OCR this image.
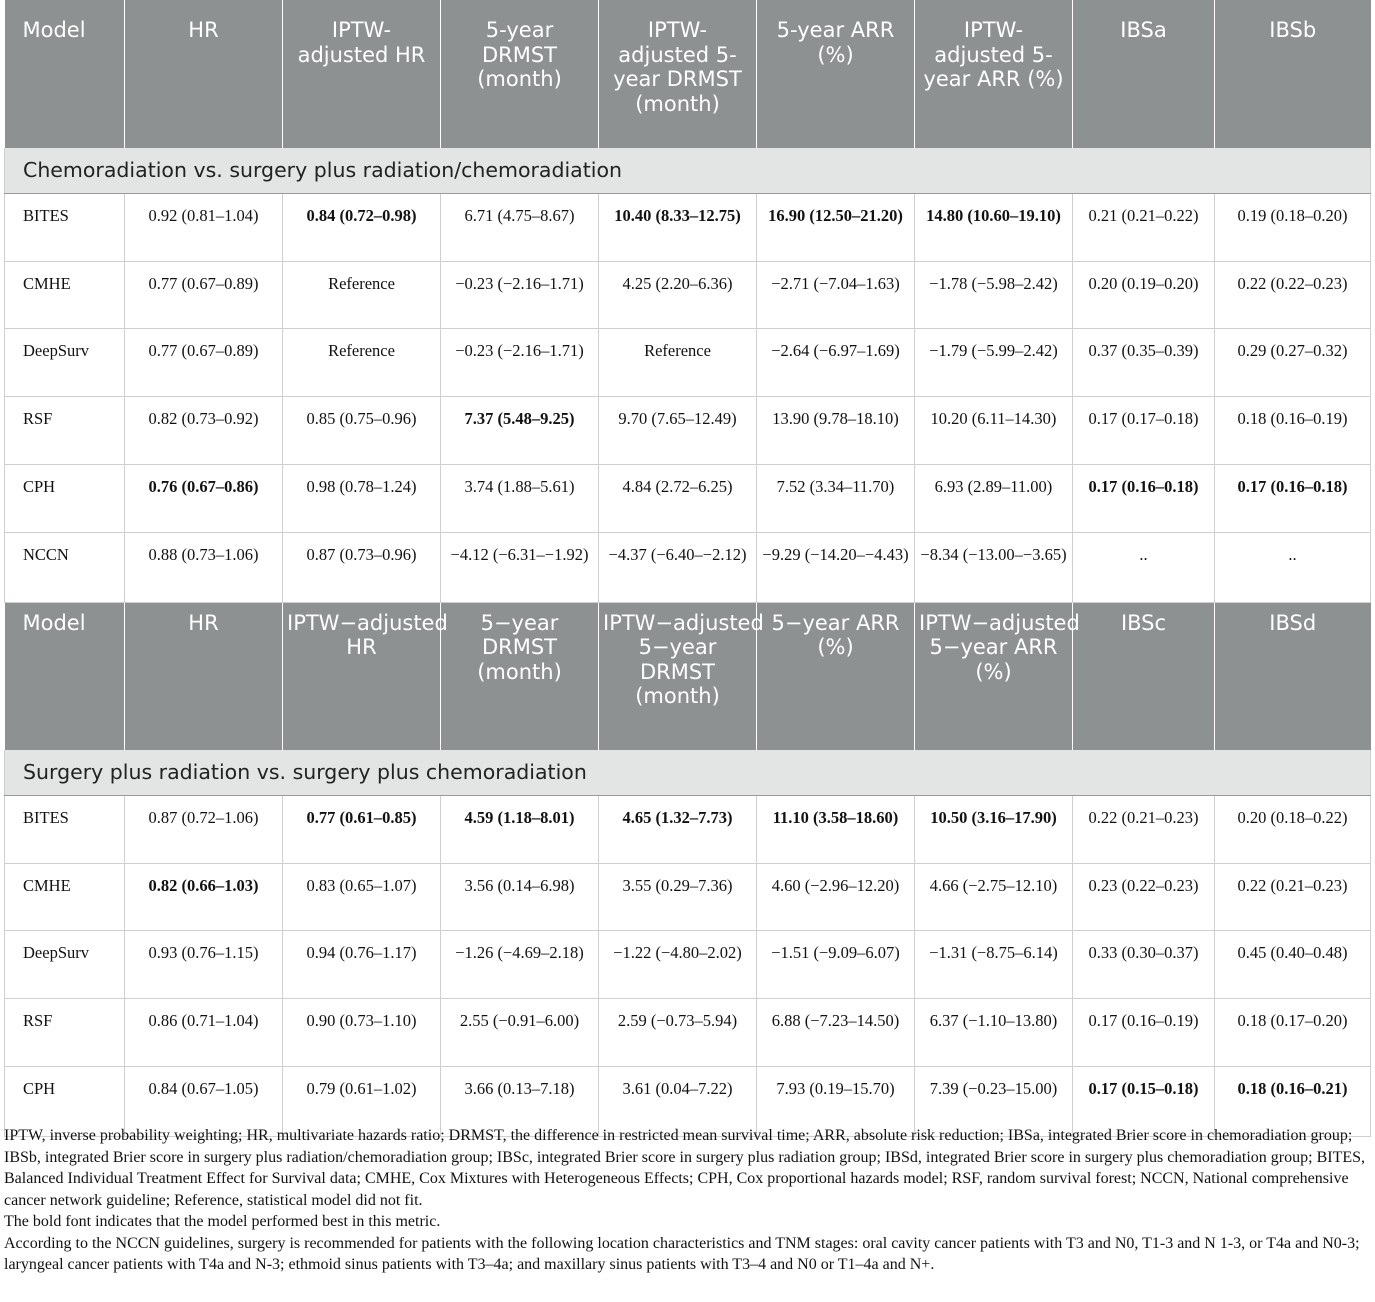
Model	HR	IPTW-adjusted HR	5-year DRMST (month)	IPTW-adjusted 5-year DRMST (month)	5-year ARR (%)	IPTW-adjusted 5-year ARR (%)	IBSa	IBSb
Chemoradiation vs. surgery plus radiation/chemoradiation								
BITES	0.92 (0.81–1.04)	0.84 (0.72–0.98)	6.71 (4.75–8.67)	10.40 (8.33–12.75)	16.90 (12.50–21.20)	14.80 (10.60–19.10)	0.21 (0.21–0.22)	0.19 (0.18–0.20)
CMHE	0.77 (0.67–0.89)	Reference	−0.23 (−2.16–1.71)	4.25 (2.20–6.36)	−2.71 (−7.04–1.63)	−1.78 (−5.98–2.42)	0.20 (0.19–0.20)	0.22 (0.22–0.23)
DeepSurv	0.77 (0.67–0.89)	Reference	−0.23 (−2.16–1.71)	Reference	−2.64 (−6.97–1.69)	−1.79 (−5.99–2.42)	0.37 (0.35–0.39)	0.29 (0.27–0.32)
RSF	0.82 (0.73–0.92)	0.85 (0.75–0.96)	7.37 (5.48–9.25)	9.70 (7.65–12.49)	13.90 (9.78–18.10)	10.20 (6.11–14.30)	0.17 (0.17–0.18)	0.18 (0.16–0.19)
CPH	0.76 (0.67–0.86)	0.98 (0.78–1.24)	3.74 (1.88–5.61)	4.84 (2.72–6.25)	7.52 (3.34–11.70)	6.93 (2.89–11.00)	0.17 (0.16–0.18)	0.17 (0.16–0.18)
NCCN	0.88 (0.73–1.06)	0.87 (0.73–0.96)	−4.12 (−6.31–−1.92)	−4.37 (−6.40–−2.12)	−9.29 (−14.20–−4.43)	−8.34 (−13.00–−3.65)	..	..
Model	HR	IPTW−adjusted HR	5−year DRMST (month)	IPTW−adjusted 5−year DRMST (month)	5−year ARR (%)	IPTW−adjusted 5−year ARR (%)	IBSc	IBSd
Surgery plus radiation vs. surgery plus chemoradiation								
BITES	0.87 (0.72–1.06)	0.77 (0.61–0.85)	4.59 (1.18–8.01)	4.65 (1.32–7.73)	11.10 (3.58–18.60)	10.50 (3.16–17.90)	0.22 (0.21–0.23)	0.20 (0.18–0.22)
CMHE	0.82 (0.66–1.03)	0.83 (0.65–1.07)	3.56 (0.14–6.98)	3.55 (0.29–7.36)	4.60 (−2.96–12.20)	4.66 (−2.75–12.10)	0.23 (0.22–0.23)	0.22 (0.21–0.23)
DeepSurv	0.93 (0.76–1.15)	0.94 (0.76–1.17)	−1.26 (−4.69–2.18)	−1.22 (−4.80–2.02)	−1.51 (−9.09–6.07)	−1.31 (−8.75–6.14)	0.33 (0.30–0.37)	0.45 (0.40–0.48)
RSF	0.86 (0.71–1.04)	0.90 (0.73–1.10)	2.55 (−0.91–6.00)	2.59 (−0.73–5.94)	6.88 (−7.23–14.50)	6.37 (−1.10–13.80)	0.17 (0.16–0.19)	0.18 (0.17–0.20)
CPH	0.84 (0.67–1.05)	0.79 (0.61–1.02)	3.66 (0.13–7.18)	3.61 (0.04–7.22)	7.93 (0.19–15.70)	7.39 (−0.23–15.00)	0.17 (0.15–0.18)	0.18 (0.16–0.21)

IPTW, inverse probability weighting; HR, multivariate hazards ratio; DRMST, the difference in restricted mean survival time; ARR, absolute risk reduction; IBSa, integrated Brier score in chemoradiation group; IBSb, integrated Brier score in surgery plus radiation/chemoradiation group; IBSc, integrated Brier score in surgery plus radiation group; IBSd, integrated Brier score in surgery plus chemoradiation group; BITES, Balanced Individual Treatment Effect for Survival data; CMHE, Cox Mixtures with Heterogeneous Effects; CPH, Cox proportional hazards model; RSF, random survival forest; NCCN, National comprehensive cancer network guideline; Reference, statistical model did not fit.

The bold font indicates that the model performed best in this metric.

According to the NCCN guidelines, surgery is recommended for patients with the following location characteristics and TNM stages: oral cavity cancer patients with T3 and N0, T1-3 and N 1-3, or T4a and N0-3; laryngeal cancer patients with T4a and N-3; ethmoid sinus patients with T3–4a; and maxillary sinus patients with T3–4 and N0 or T1–4a and N+.
